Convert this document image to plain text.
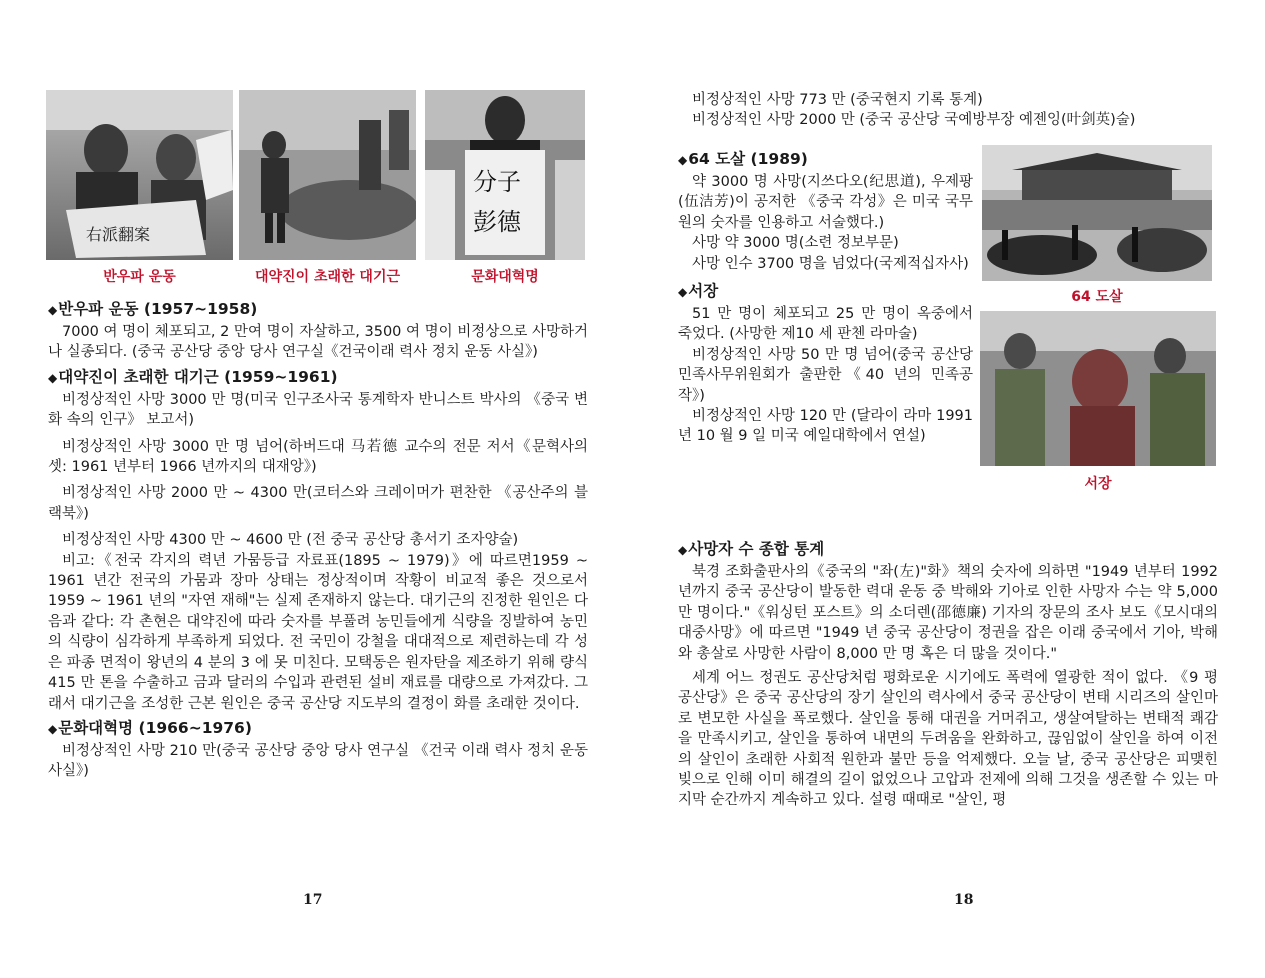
右派翻案
分子
彭德
반우파 운동	대약진이 초래한 대기근	문화대혁명
◆반우파 운동 (1957~1958)

7000 여 명이 체포되고, 2 만여 명이 자살하고, 3500 여 명이 비정상으로 사망하거나 실종되다. (중국 공산당 중앙 당사 연구실《건국이래 력사 정치 운동 사실》)

◆대약진이 초래한 대기근 (1959~1961)

비정상적인 사망 3000 만 명(미국 인구조사국 통계학자 반니스트 박사의 《중국 변화 속의 인구》 보고서)

비정상적인 사망 3000 만 명 넘어(하버드대 马若德 교수의 전문 저서《문혁사의 셋: 1961 년부터 1966 년까지의 대재앙》)

비정상적인 사망 2000 만 ~ 4300 만(코터스와 크레이머가 편찬한 《공산주의 블랙북》)

비정상적인 사망 4300 만 ~ 4600 만 (전 중국 공산당 총서기 조자양술)

비고:《전국 각지의 력년 가뭄등급 자료표(1895 ~ 1979)》에 따르면1959 ~ 1961 년간 전국의 가뭄과 장마 상태는 정상적이며 작황이 비교적 좋은 것으로서 1959 ~ 1961 년의 "자연 재해"는 실제 존재하지 않는다. 대기근의 진정한 원인은 다음과 같다: 각 촌현은 대약진에 따라 숫자를 부풀려 농민들에게 식량을 징발하여 농민의 식량이 심각하게 부족하게 되었다. 전 국민이 강철을 대대적으로 제련하는데 각 성은 파종 면적이 왕년의 4 분의 3 에 못 미친다. 모택동은 원자탄을 제조하기 위해 량식 415 만 톤을 수출하고 금과 달러의 수입과 관련된 설비 재료를 대량으로 가져갔다. 그래서 대기근을 조성한 근본 원인은 중국 공산당 지도부의 결정이 화를 초래한 것이다.

◆문화대혁명 (1966~1976)

비정상적인 사망 210 만(중국 공산당 중앙 당사 연구실 《건국 이래 력사 정치 운동 사실》)

17

비정상적인 사망 773 만 (중국현지 기록 통계)

비정상적인 사망 2000 만 (중국 공산당 국예방부장 예젠잉(叶剑英)술)

64 도살
서장
◆64 도살 (1989)

약 3000 명 사망(지쓰다오(纪思道), 우제팡(伍洁芳)이 공저한 《중국 각성》은 미국 국무원의 숫자를 인용하고 서술했다.)

사망 약 3000 명(소련 정보부문)

사망 인수 3700 명을 넘었다(국제적십자사)

◆서장

51 만 명이 체포되고 25 만 명이 옥중에서 죽었다. (사망한 제10 세 판첸 라마술)

비정상적인 사망 50 만 명 넘어(중국 공산당 민족사무위원회가 출판한《40 년의 민족공작》)

비정상적인 사망 120 만 (달라이 라마 1991 년 10 월 9 일 미국 예일대학에서 연설)

◆사망자 수 종합 통계

북경 조화출판사의《중국의 "좌(左)"화》책의 숫자에 의하면 "1949 년부터 1992 년까지 중국 공산당이 발동한 력대 운동 중 박해와 기아로 인한 사망자 수는 약 5,000 만 명이다."《워싱턴 포스트》의 소더렌(邵德廉) 기자의 장문의 조사 보도《모시대의 대중사망》에 따르면 "1949 년 중국 공산당이 정권을 잡은 이래 중국에서 기아, 박해와 총살로 사망한 사람이 8,000 만 명 혹은 더 많을 것이다."

세계 어느 정권도 공산당처럼 평화로운 시기에도 폭력에 열광한 적이 없다. 《9 평공산당》은 중국 공산당의 장기 살인의 력사에서 중국 공산당이 변태 시리즈의 살인마로 변모한 사실을 폭로했다. 살인을 통해 대권을 거머쥐고, 생살여탈하는 변태적 쾌감을 만족시키고, 살인을 통하여 내면의 두려움을 완화하고, 끊임없이 살인을 하여 이전의 살인이 초래한 사회적 원한과 불만 등을 억제했다. 오늘 날, 중국 공산당은 피맺힌 빚으로 인해 이미 해결의 길이 없었으나 고압과 전제에 의해 그것을 생존할 수 있는 마지막 순간까지 계속하고 있다. 설령 때때로 "살인, 평

18
